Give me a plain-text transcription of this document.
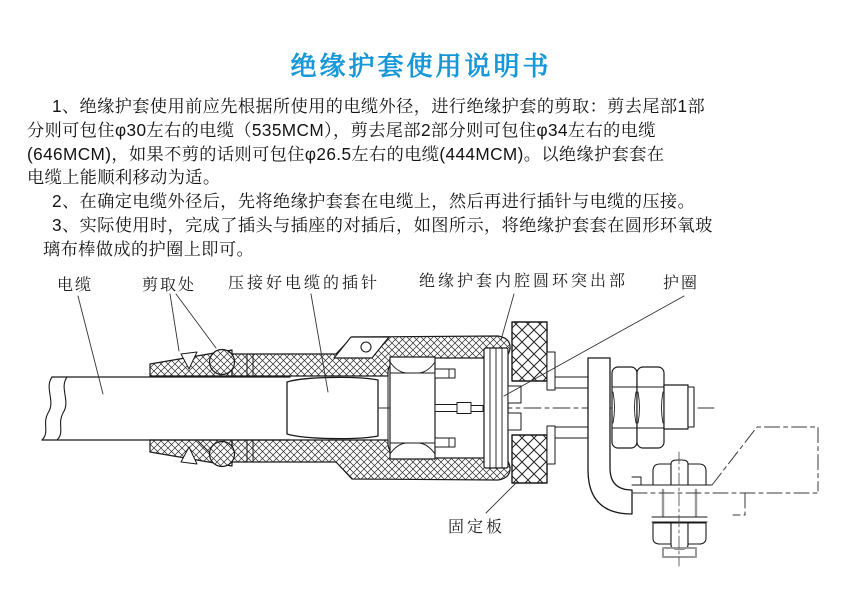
绝缘护套使用说明书
1、绝缘护套使用前应先根据所使用的电缆外径，进行绝缘护套的剪取：剪去尾部1部
分则可包住φ30左右的电缆（535MCM），剪去尾部2部分则可包住φ34左右的电缆
(646MCM)，如果不剪的话则可包住φ26.5左右的电缆(444MCM)。以绝缘护套套在
电缆上能顺利移动为适。
2、在确定电缆外径后，先将绝缘护套套在电缆上，然后再进行插针与电缆的压接。
3、实际使用时，完成了插头与插座的对插后，如图所示，将绝缘护套套在圆形环氧玻
璃布棒做成的护圈上即可。
电缆	剪取处 压接好电缆的插针 绝缘护套内腔圆环突出部 护圈
固定板
